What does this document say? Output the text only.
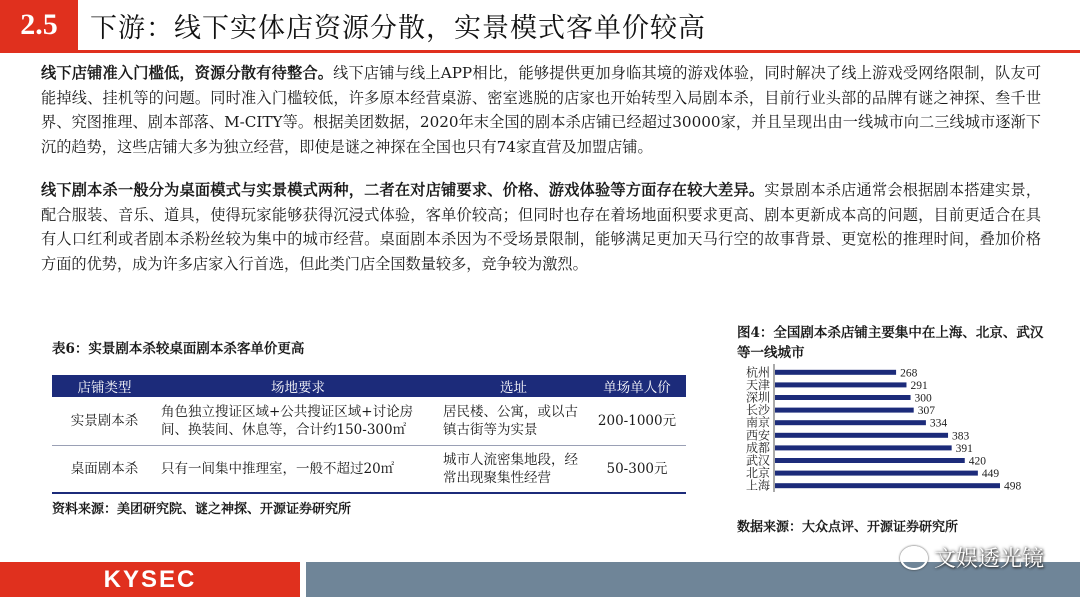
2.5	下游：线下实体店资源分散，实景模式客单价较高

线下店铺准入门槛低，资源分散有待整合。线下店铺与线上APP相比，能够提供更加身临其境的游戏体验，同时解决了线上游戏受网络限制，队友可能掉线、挂机等的问题。同时准入门槛较低，许多原本经营桌游、密室逃脱的店家也开始转型入局剧本杀，目前行业头部的品牌有谜之神探、叁千世界、究图推理、剧本部落、M-CITY等。根据美团数据，2020年末全国的剧本杀店铺已经超过30000家，并且呈现出由一线城市向二三线城市逐渐下沉的趋势，这些店铺大多为独立经营，即使是谜之神探在全国也只有74家直营及加盟店铺。

线下剧本杀一般分为桌面模式与实景模式两种，二者在对店铺要求、价格、游戏体验等方面存在较大差异。实景剧本杀店通常会根据剧本搭建实景，配合服装、音乐、道具，使得玩家能够获得沉浸式体验，客单价较高；但同时也存在着场地面积要求更高、剧本更新成本高的问题，目前更适合在具有人口红利或者剧本杀粉丝较为集中的城市经营。桌面剧本杀因为不受场景限制，能够满足更加天马行空的故事背景、更宽松的推理时间，叠加价格方面的优势，成为许多店家入行首选，但此类门店全国数量较多，竞争较为激烈。

表6：实景剧本杀较桌面剧本杀客单价更高
店铺类型	场地要求	选址	单场单人价
实景剧本杀	角色独立搜证区域+公共搜证区域+讨论房间、换装间、休息等，合计约150-300㎡	居民楼、公寓，或以古镇古街等为实景	200-1000元
桌面剧本杀	只有一间集中推理室，一般不超过20㎡	城市人流密集地段，经常出现聚集性经营	50-300元
资料来源：美团研究院、谜之神探、开源证券研究所
图4：全国剧本杀店铺主要集中在上海、北京、武汉等一线城市
杭州	268
天津	291
深圳	300
长沙	307
南京	334
西安	383
成都	391
武汉	420
北京	449
上海	498
数据来源：大众点评、开源证券研究所
KYSEC
文娱透光镜
